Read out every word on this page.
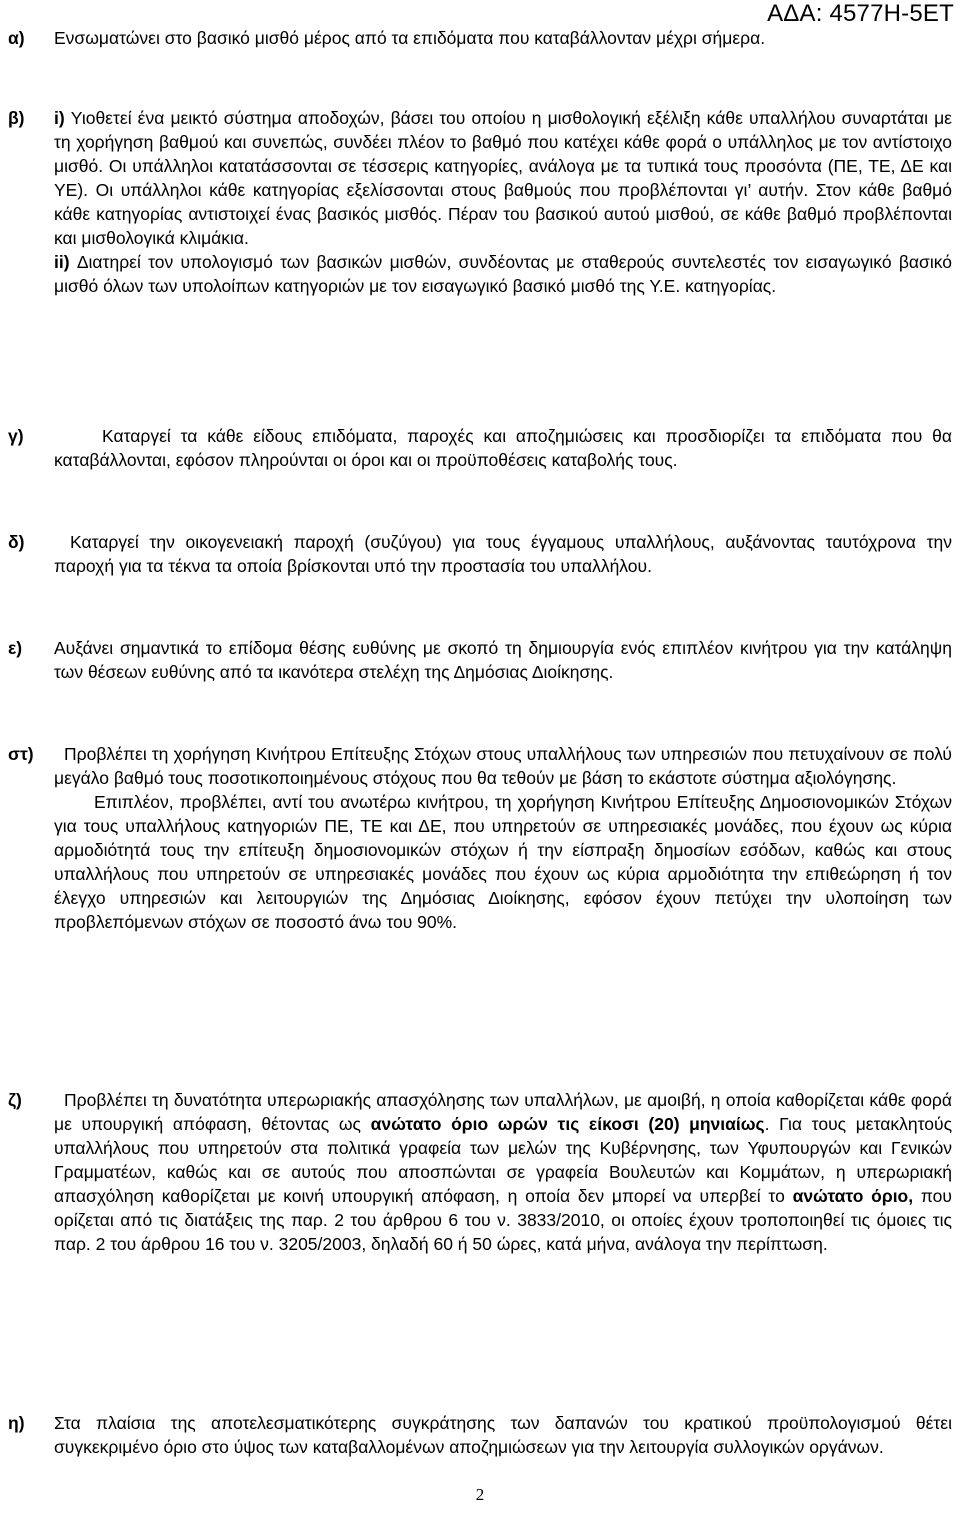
ΑΔΑ: 4577Η-5ΕΤ
α) Ενσωματώνει στο βασικό μισθό μέρος από τα επιδόματα που καταβάλλονταν μέχρι σήμερα.

β) i) Υιοθετεί ένα μεικτό σύστημα αποδοχών, βάσει του οποίου η μισθολογική εξέλιξη κάθε υπαλλήλου συναρτάται με τη χορήγηση βαθμού και συνεπώς, συνδέει πλέον το βαθμό που κατέχει κάθε φορά ο υπάλληλος με τον αντίστοιχο μισθό. Οι υπάλληλοι κατατάσσονται σε τέσσερις κατηγορίες, ανάλογα με τα τυπικά τους προσόντα (ΠΕ, ΤΕ, ΔΕ και ΥΕ). Οι υπάλληλοι κάθε κατηγορίας εξελίσσονται στους βαθμούς που προβλέπονται γι’ αυτήν. Στον κάθε βαθμό κάθε κατηγορίας αντιστοιχεί ένας βασικός μισθός. Πέραν του βασικού αυτού μισθού, σε κάθε βαθμό προβλέπονται και μισθολογικά κλιμάκια.

ii) Διατηρεί τον υπολογισμό των βασικών μισθών, συνδέοντας με σταθερούς συντελεστές τον εισαγωγικό βασικό μισθό όλων των υπολοίπων κατηγοριών με τον εισαγωγικό βασικό μισθό της Υ.Ε. κατηγορίας.

γ)	Καταργεί τα κάθε είδους επιδόματα, παροχές και αποζημιώσεις και προσδιορίζει τα επιδόματα που θα καταβάλλονται, εφόσον πληρούνται οι όροι και οι προϋποθέσεις καταβολής τους.

δ)	Καταργεί την οικογενειακή παροχή (συζύγου) για τους έγγαμους υπαλλήλους, αυξάνοντας ταυτόχρονα την παροχή για τα τέκνα τα οποία βρίσκονται υπό την προστασία του υπαλλήλου.

ε) Αυξάνει σημαντικά το επίδομα θέσης ευθύνης με σκοπό τη δημιουργία ενός επιπλέον κινήτρου για την κατάληψη των θέσεων ευθύνης από τα ικανότερα στελέχη της Δημόσιας Διοίκησης.

στ)	Προβλέπει τη χορήγηση Κινήτρου Επίτευξης Στόχων στους υπαλλήλους των υπηρεσιών που πετυχαίνουν σε πολύ μεγάλο βαθμό τους ποσοτικοποιημένους στόχους που θα τεθούν με βάση το εκάστοτε σύστημα αξιολόγησης.

Επιπλέον, προβλέπει, αντί του ανωτέρω κινήτρου, τη χορήγηση Κινήτρου Επίτευξης Δημοσιονομικών Στόχων για τους υπαλλήλους κατηγοριών ΠΕ, ΤΕ και ΔΕ, που υπηρετούν σε υπηρεσιακές μονάδες, που έχουν ως κύρια αρμοδιότητά τους την επίτευξη δημοσιονομικών στόχων ή την είσπραξη δημοσίων εσόδων, καθώς και στους υπαλλήλους που υπηρετούν σε υπηρεσιακές μονάδες που έχουν ως κύρια αρμοδιότητα την επιθεώρηση ή τον έλεγχο υπηρεσιών και λειτουργιών της Δημόσιας Διοίκησης, εφόσον έχουν πετύχει την υλοποίηση των προβλεπόμενων στόχων σε ποσοστό άνω του 90%.

ζ)	Προβλέπει τη δυνατότητα υπερωριακής απασχόλησης των υπαλλήλων, με αμοιβή, η οποία καθορίζεται κάθε φορά με υπουργική απόφαση, θέτοντας ως ανώτατο όριο ωρών τις είκοσι (20) μηνιαίως. Για τους μετακλητούς υπαλλήλους που υπηρετούν στα πολιτικά γραφεία των μελών της Κυβέρνησης, των Υφυπουργών και Γενικών Γραμματέων, καθώς και σε αυτούς που αποσπώνται σε γραφεία Βουλευτών και Κομμάτων, η υπερωριακή απασχόληση καθορίζεται με κοινή υπουργική απόφαση, η οποία δεν μπορεί να υπερβεί το ανώτατο όριο, που ορίζεται από τις διατάξεις της παρ. 2 του άρθρου 6 του ν. 3833/2010, οι οποίες έχουν τροποποιηθεί τις όμοιες τις παρ. 2 του άρθρου 16 του ν. 3205/2003, δηλαδή 60 ή 50 ώρες, κατά μήνα, ανάλογα την περίπτωση.

η) Στα πλαίσια της αποτελεσματικότερης συγκράτησης των δαπανών του κρατικού προϋπολογισμού θέτει συγκεκριμένο όριο στο ύψος των καταβαλλομένων αποζημιώσεων για την λειτουργία συλλογικών οργάνων.

2
